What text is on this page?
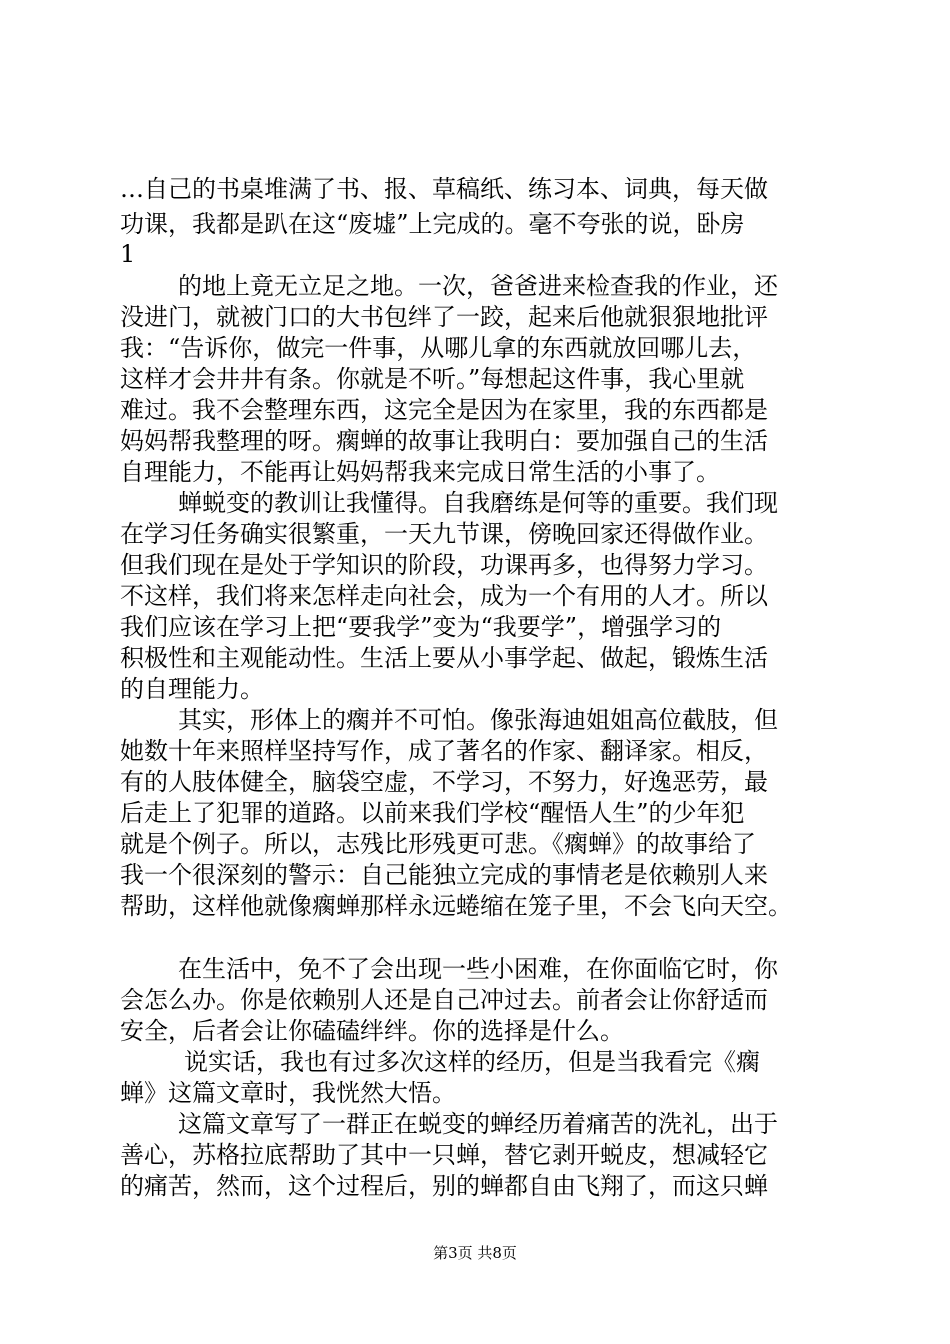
…自己的书桌堆满了书、报、草稿纸、练习本、词典，每天做
功课，我都是趴在这“废墟”上完成的。毫不夸张的说，卧房
1
的地上竟无立足之地。一次，爸爸进来检查我的作业，还
没进门，就被门口的大书包绊了一跤，起来后他就狠狠地批评
我：“告诉你，做完一件事，从哪儿拿的东西就放回哪儿去，
这样才会井井有条。你就是不听。”每想起这件事，我心里就
难过。我不会整理东西，这完全是因为在家里，我的东西都是
妈妈帮我整理的呀。瘸蝉的故事让我明白：要加强自己的生活
自理能力，不能再让妈妈帮我来完成日常生活的小事了。
蝉蜕变的教训让我懂得。自我磨练是何等的重要。我们现
在学习任务确实很繁重，一天九节课，傍晚回家还得做作业。
但我们现在是处于学知识的阶段，功课再多，也得努力学习。
不这样，我们将来怎样走向社会，成为一个有用的人才。所以
我们应该在学习上把“要我学”变为“我要学”，增强学习的
积极性和主观能动性。生活上要从小事学起、做起，锻炼生活
的自理能力。
其实，形体上的瘸并不可怕。像张海迪姐姐高位截肢，但
她数十年来照样坚持写作，成了著名的作家、翻译家。相反，
有的人肢体健全，脑袋空虚，不学习，不努力，好逸恶劳，最
后走上了犯罪的道路。以前来我们学校“醒悟人生”的少年犯
就是个例子。所以，志残比形残更可悲。《瘸蝉》的故事给了
我一个很深刻的警示：自己能独立完成的事情老是依赖别人来
帮助，这样他就像瘸蝉那样永远蜷缩在笼子里，不会飞向天空。
在生活中，免不了会出现一些小困难，在你面临它时，你
会怎么办。你是依赖别人还是自己冲过去。前者会让你舒适而
安全，后者会让你磕磕绊绊。你的选择是什么。
说实话，我也有过多次这样的经历，但是当我看完《瘸
蝉》这篇文章时，我恍然大悟。
这篇文章写了一群正在蜕变的蝉经历着痛苦的洗礼，出于
善心，苏格拉底帮助了其中一只蝉，替它剥开蜕皮，想减轻它
的痛苦，然而，这个过程后，别的蝉都自由飞翔了，而这只蝉
第3页 共8页
